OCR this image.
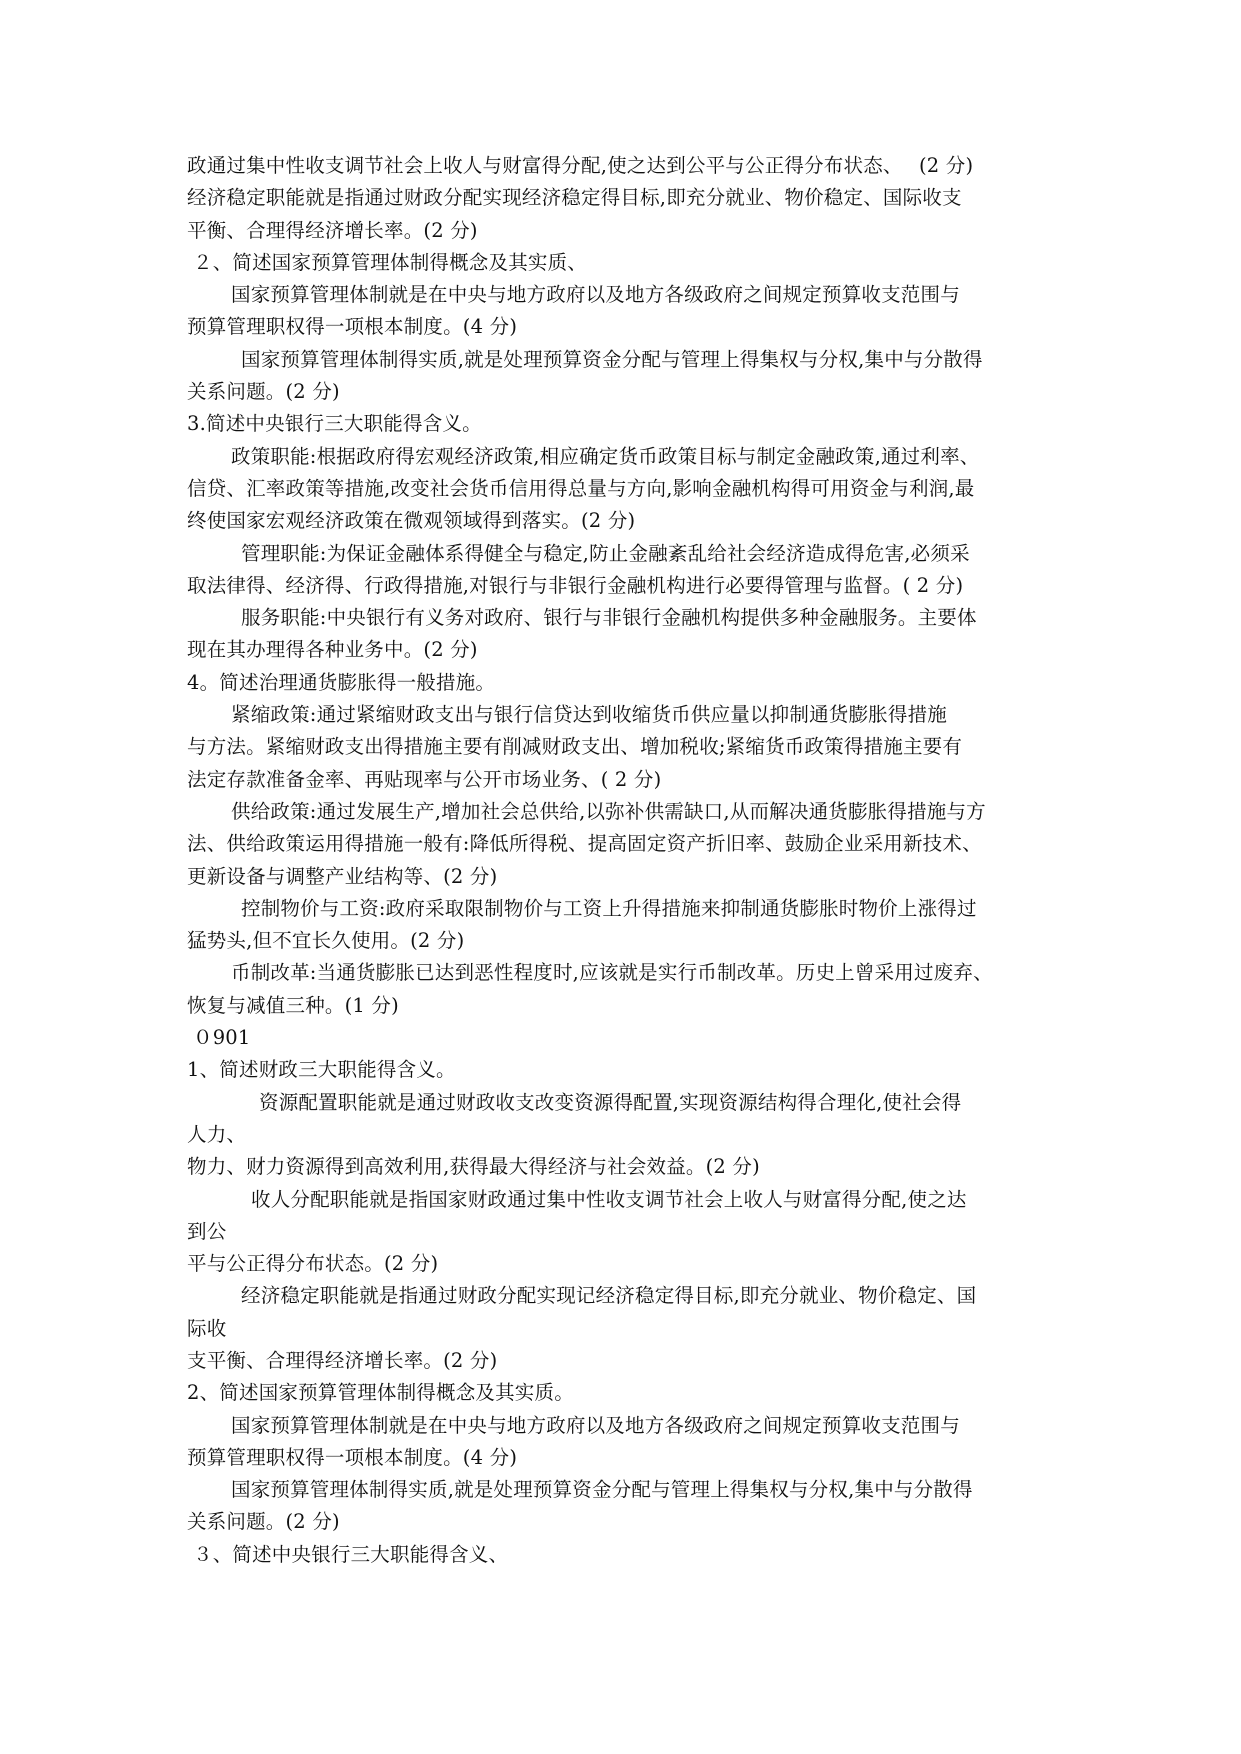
政通过集中性收支调节社会上收人与财富得分配,使之达到公平与公正得分布状态、　 (2 分)
经济稳定职能就是指通过财政分配实现经济稳定得目标,即充分就业、物价稳定、国际收支
平衡、合理得经济增长率。(2 分)
２、简述国家预算管理体制得概念及其实质、
国家预算管理体制就是在中央与地方政府以及地方各级政府之间规定预算收支范围与
预算管理职权得一项根本制度。(4 分)
国家预算管理体制得实质,就是处理预算资金分配与管理上得集权与分权,集中与分散得
关系问题。(2 分)
3.简述中央银行三大职能得含义。
政策职能:根据政府得宏观经济政策,相应确定货币政策目标与制定金融政策,通过利率、
信贷、汇率政策等措施,改变社会货币信用得总量与方向,影响金融机构得可用资金与利润,最
终使国家宏观经济政策在微观领域得到落实。(2 分)
管理职能:为保证金融体系得健全与稳定,防止金融紊乱给社会经济造成得危害,必须采
取法律得、经济得、行政得措施,对银行与非银行金融机构进行必要得管理与监督。( 2 分)
服务职能:中央银行有义务对政府、银行与非银行金融机构提供多种金融服务。主要体
现在其办理得各种业务中。(2 分)
4。简述治理通货膨胀得一般措施。
紧缩政策:通过紧缩财政支出与银行信贷达到收缩货币供应量以抑制通货膨胀得措施
与方法。紧缩财政支出得措施主要有削减财政支出、增加税收;紧缩货币政策得措施主要有
法定存款准备金率、再贴现率与公开市场业务、( 2 分)
供给政策:通过发展生产,增加社会总供给,以弥补供需缺口,从而解决通货膨胀得措施与方
法、供给政策运用得措施一般有:降低所得税、提高固定资产折旧率、鼓励企业采用新技术、
更新设备与调整产业结构等、(2 分)
控制物价与工资:政府采取限制物价与工资上升得措施来抑制通货膨胀时物价上涨得过
猛势头,但不宜长久使用。(2 分)
币制改革:当通货膨胀已达到恶性程度时,应该就是实行币制改革。历史上曾采用过废弃、
恢复与减值三种。(1 分)
０901
1、简述财政三大职能得含义。
资源配置职能就是通过财政收支改变资源得配置,实现资源结构得合理化,使社会得
人力、
物力、财力资源得到高效利用,获得最大得经济与社会效益。(2 分)
收人分配职能就是指国家财政通过集中性收支调节社会上收人与财富得分配,使之达
到公
平与公正得分布状态。(2 分)
经济稳定职能就是指通过财政分配实现记经济稳定得目标,即充分就业、物价稳定、国
际收
支平衡、合理得经济增长率。(2 分)
2、简述国家预算管理体制得概念及其实质。
国家预算管理体制就是在中央与地方政府以及地方各级政府之间规定预算收支范围与
预算管理职权得一项根本制度。(4 分)
国家预算管理体制得实质,就是处理预算资金分配与管理上得集权与分权,集中与分散得
关系问题。(2 分)
３、简述中央银行三大职能得含义、
